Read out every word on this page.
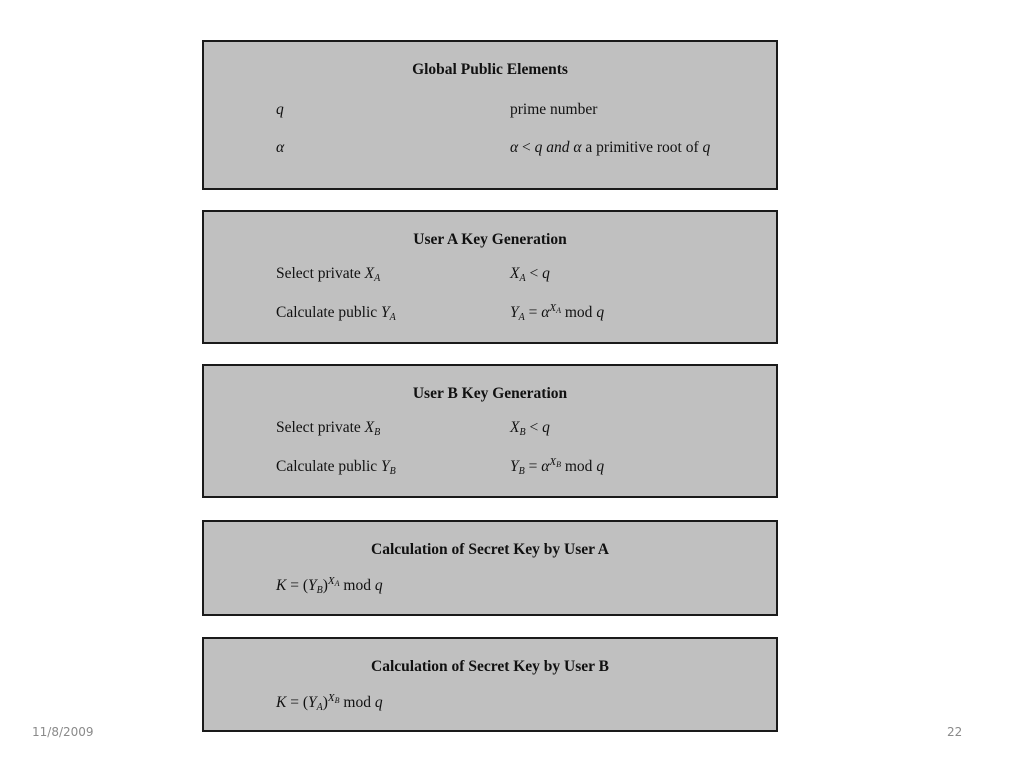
Global Public Elements
q	prime number
α	α < q and α a primitive root of q
User A Key Generation
Select private $X_A$	$X_A < q$
Calculate public $Y_A$	$Y_A = \alpha^{X_A}$ mod q
User B Key Generation
Select private $X_B$	$X_B < q$
Calculate public $Y_B$	$Y_B = \alpha^{X_B}$ mod q
Calculation of Secret Key by User A
$K = (Y_B)^{X_A}$ mod q
Calculation of Secret Key by User B
$K = (Y_A)^{X_B}$ mod q
11/8/2009	22
